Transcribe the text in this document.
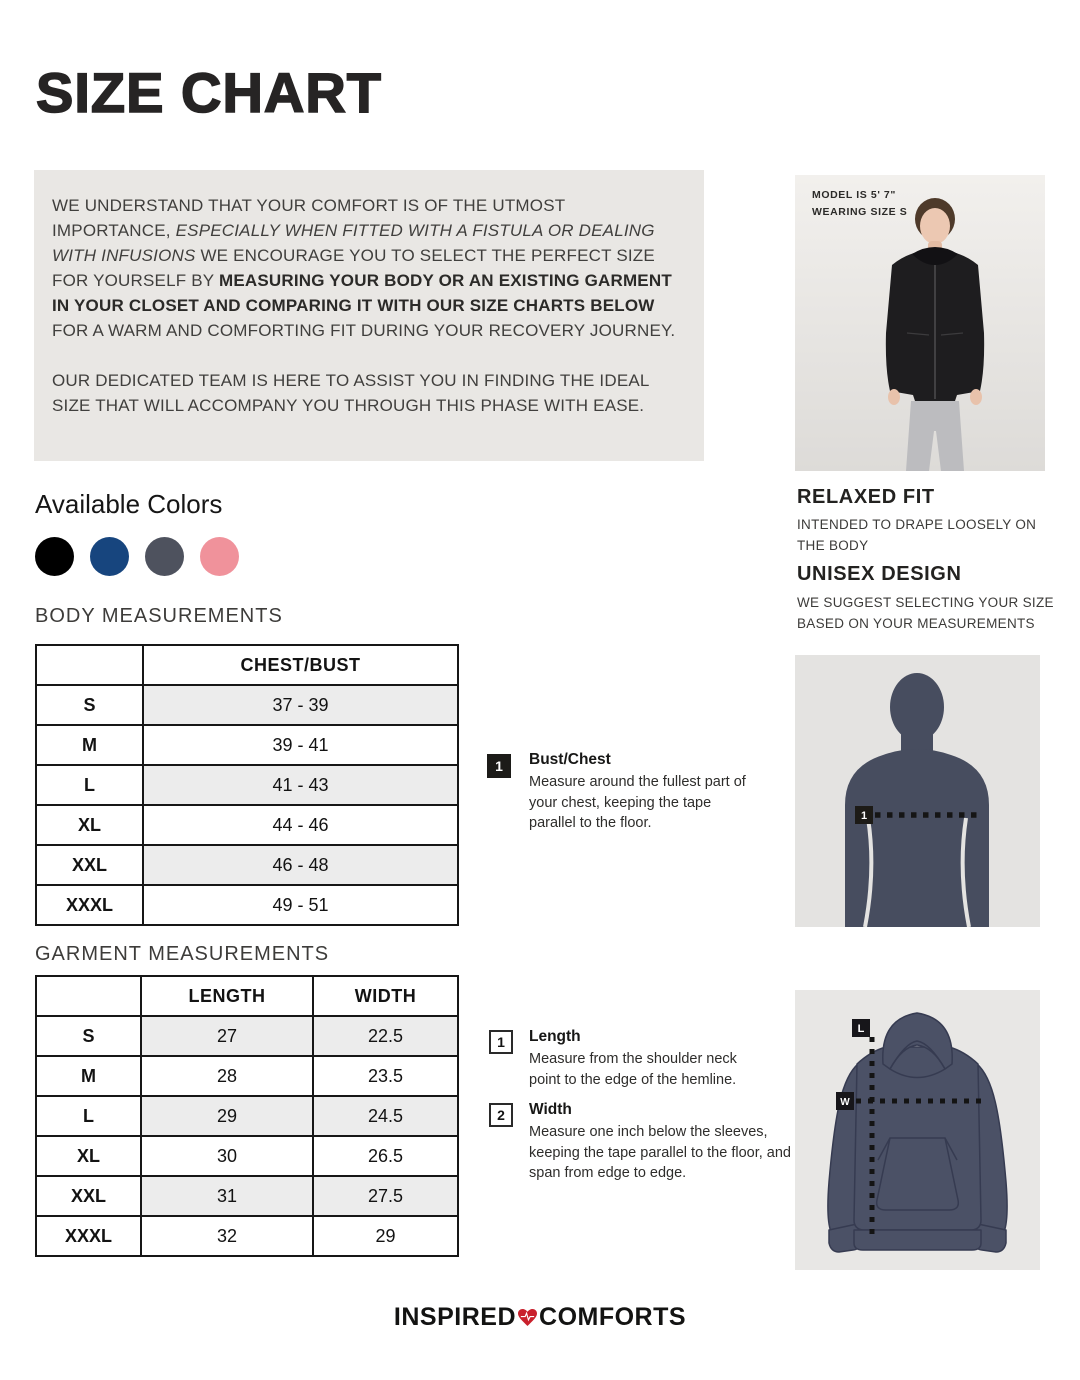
SIZE CHART

WE UNDERSTAND THAT YOUR COMFORT IS OF THE UTMOST IMPORTANCE, ESPECIALLY WHEN FITTED WITH A FISTULA OR DEALING WITH INFUSIONS WE ENCOURAGE YOU TO SELECT THE PERFECT SIZE FOR YOURSELF BY MEASURING YOUR BODY OR AN EXISTING GARMENT IN YOUR CLOSET AND COMPARING IT WITH OUR SIZE CHARTS BELOW FOR A WARM AND COMFORTING FIT DURING YOUR RECOVERY JOURNEY.

OUR DEDICATED TEAM IS HERE TO ASSIST YOU IN FINDING THE IDEAL SIZE THAT WILL ACCOMPANY YOU THROUGH THIS PHASE WITH EASE.

MODEL IS 5' 7"
WEARING SIZE S
RELAXED FIT
INTENDED TO DRAPE LOOSELY ON THE BODY
UNISEX DESIGN
WE SUGGEST SELECTING YOUR SIZE BASED ON YOUR MEASUREMENTS
Available Colors
BODY MEASUREMENTS
	CHEST/BUST
S	37 - 39
M	39 - 41
L	41 - 43
XL	44 - 46
XXL	46 - 48
XXXL	49 - 51
1	Bust/Chest

Measure around the fullest part of your chest, keeping the tape parallel to the floor.	1
GARMENT MEASUREMENTS
	LENGTH	WIDTH
S	27	22.5
M	28	23.5
L	29	24.5
XL	30	26.5
XXL	31	27.5
XXXL	32	29
1	Length

Measure from the shoulder neck point to the edge of the hemline.

2	Width

Measure one inch below the sleeves, keeping the tape parallel to the floor, and span from edge to edge.

L
W
INSPIRED COMFORTS
